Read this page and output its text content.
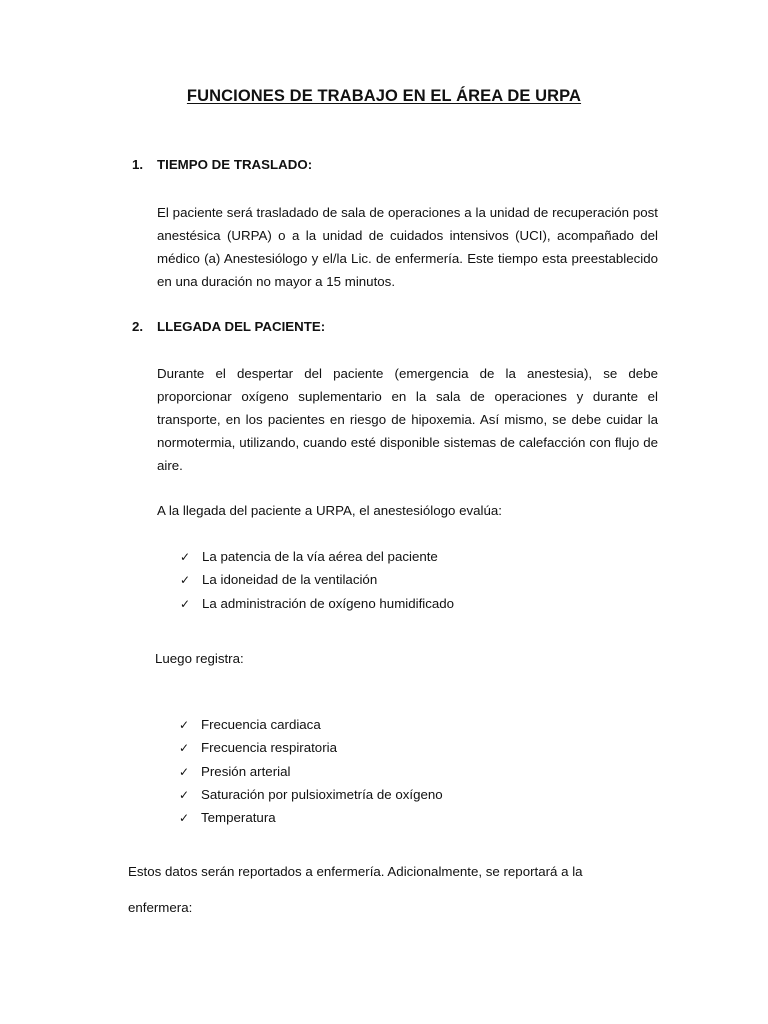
FUNCIONES DE TRABAJO EN EL ÁREA DE URPA
1. TIEMPO DE TRASLADO:
El paciente será trasladado de sala de operaciones a la unidad de recuperación post anestésica (URPA) o a la unidad de cuidados intensivos (UCI), acompañado del médico (a) Anestesiólogo y el/la Lic. de enfermería. Este tiempo esta preestablecido en una duración no mayor a 15 minutos.
2. LLEGADA DEL PACIENTE:
Durante el despertar del paciente (emergencia de la anestesia), se debe proporcionar oxígeno suplementario en la sala de operaciones y durante el transporte, en los pacientes en riesgo de hipoxemia. Así mismo, se debe cuidar la normotermia, utilizando, cuando esté disponible sistemas de calefacción con flujo de aire.
A la llegada del paciente a URPA, el anestesiólogo evalúa:
✓ La patencia de la vía aérea del paciente
✓ La idoneidad de la ventilación
✓ La administración de oxígeno humidificado
Luego registra:
✓ Frecuencia cardiaca
✓ Frecuencia respiratoria
✓ Presión arterial
✓ Saturación por pulsioximetría de oxígeno
✓ Temperatura
Estos datos serán reportados a enfermería. Adicionalmente, se reportará a la enfermera:
